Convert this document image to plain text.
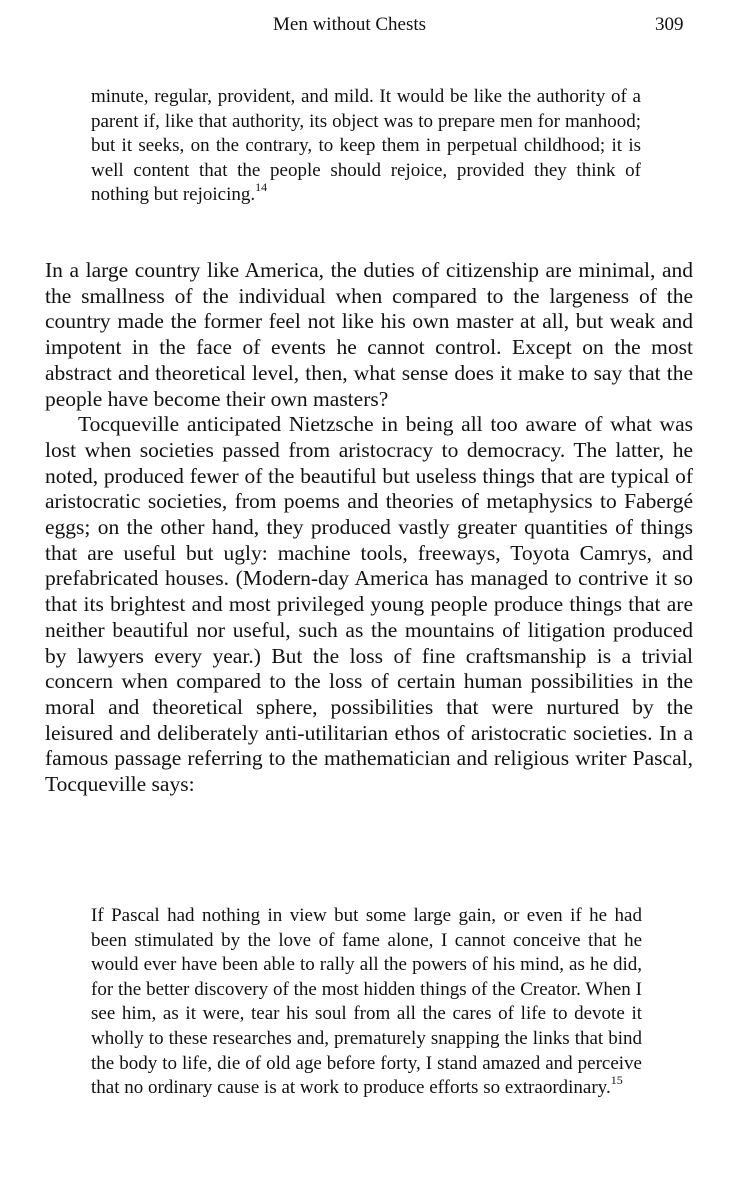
Men without Chests	309
minute, regular, provident, and mild. It would be like the authority of a parent if, like that authority, its object was to prepare men for manhood; but it seeks, on the contrary, to keep them in perpetual childhood; it is well content that the people should rejoice, provided they think of nothing but rejoicing.$^{14}$

In a large country like America, the duties of citizenship are minimal, and the smallness of the individual when compared to the largeness of the country made the former feel not like his own master at all, but weak and impotent in the face of events he cannot control. Except on the most abstract and theoretical level, then, what sense does it make to say that the people have become their own masters?

Tocqueville anticipated Nietzsche in being all too aware of what was lost when societies passed from aristocracy to democracy. The latter, he noted, produced fewer of the beautiful but useless things that are typical of aristocratic societies, from poems and theories of metaphysics to Fabergé eggs; on the other hand, they produced vastly greater quantities of things that are useful but ugly: machine tools, freeways, Toyota Camrys, and prefabricated houses. (Modern-day America has managed to contrive it so that its brightest and most privileged young people produce things that are neither beautiful nor useful, such as the mountains of litigation produced by lawyers every year.) But the loss of fine craftsmanship is a trivial concern when compared to the loss of certain human possibilities in the moral and theoretical sphere, possibilities that were nurtured by the leisured and deliberately anti-utilitarian ethos of aristocratic societies. In a famous passage referring to the mathematician and religious writer Pascal, Tocqueville says:

If Pascal had nothing in view but some large gain, or even if he had been stimulated by the love of fame alone, I cannot conceive that he would ever have been able to rally all the powers of his mind, as he did, for the better discovery of the most hidden things of the Creator. When I see him, as it were, tear his soul from all the cares of life to devote it wholly to these researches and, prematurely snapping the links that bind the body to life, die of old age before forty, I stand amazed and perceive that no ordinary cause is at work to produce efforts so extraordinary.$^{15}$
